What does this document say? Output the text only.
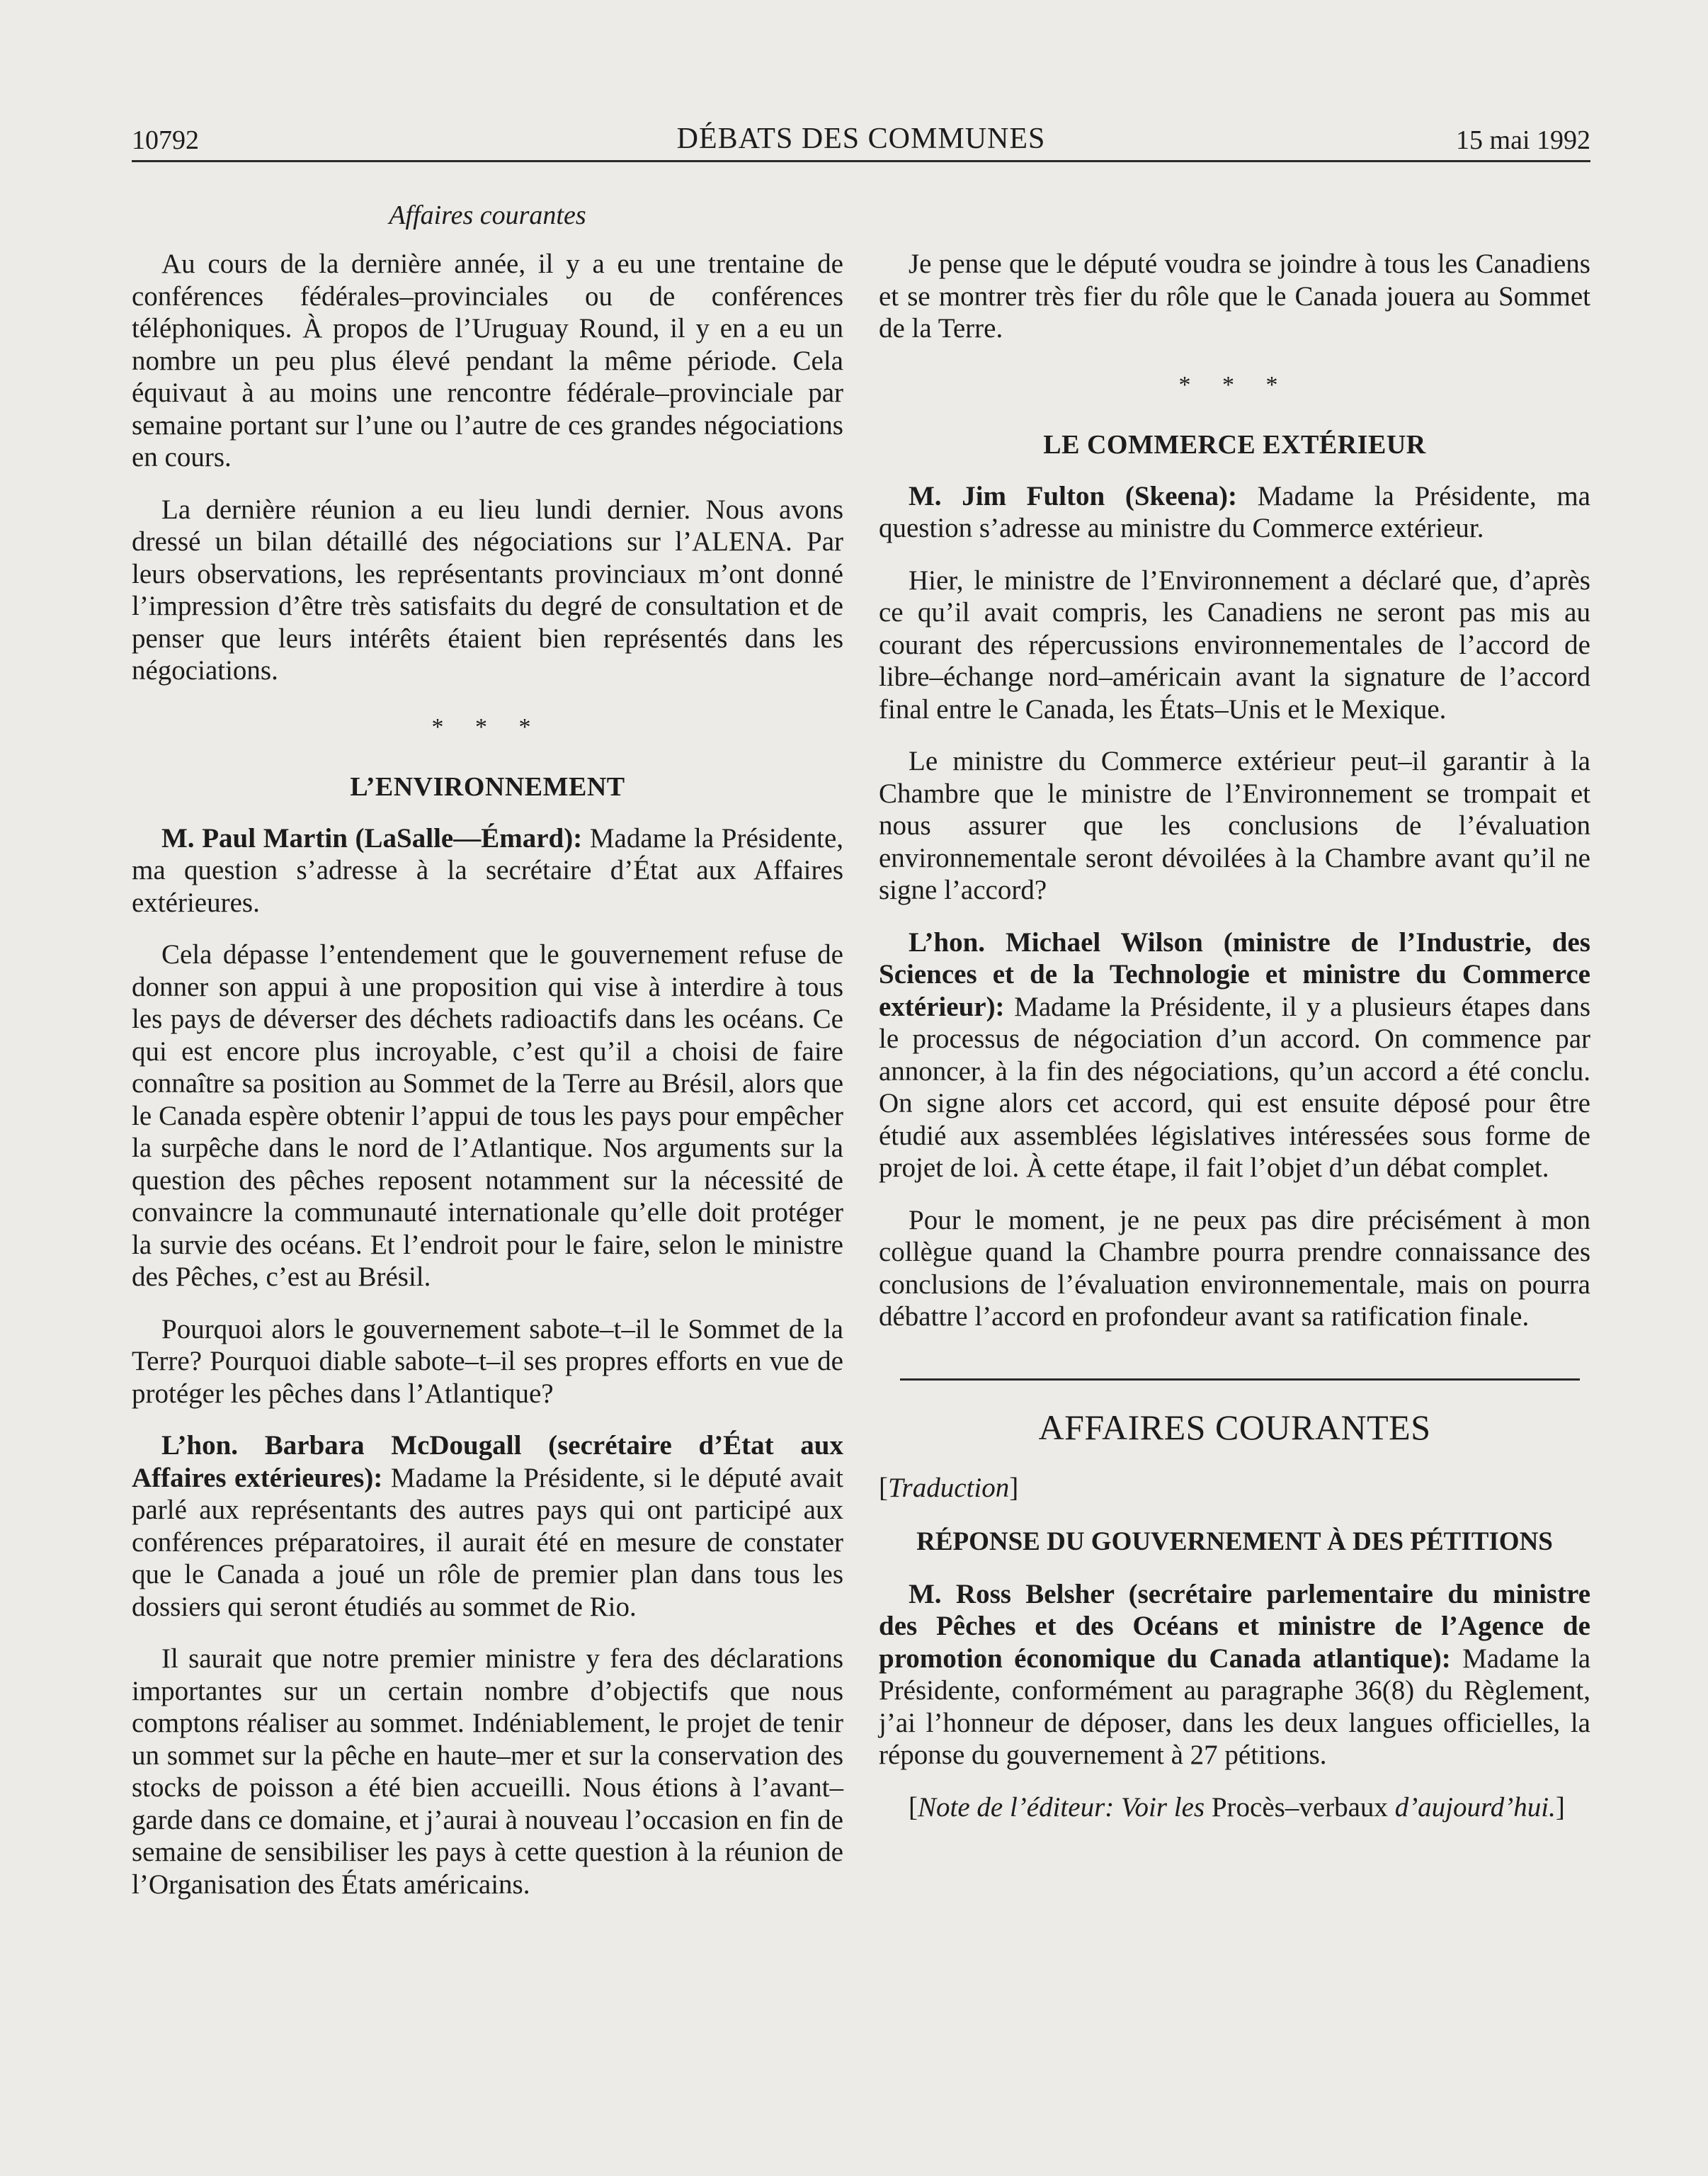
10792	DÉBATS DES COMMUNES	15 mai 1992
Affaires courantes

Au cours de la dernière année, il y a eu une trentaine de conférences fédérales–provinciales ou de conférences téléphoniques. À propos de l’Uruguay Round, il y en a eu un nombre un peu plus élevé pendant la même période. Cela équivaut à au moins une rencontre fédérale–provinciale par semaine portant sur l’une ou l’autre de ces grandes négociations en cours.

La dernière réunion a eu lieu lundi dernier. Nous avons dressé un bilan détaillé des négociations sur l’ALENA. Par leurs observations, les représentants provinciaux m’ont donné l’impression d’être très satisfaits du degré de consultation et de penser que leurs intérêts étaient bien représentés dans les négociations.

* * *
L’ENVIRONNEMENT

M. Paul Martin (LaSalle—Émard): Madame la Présidente, ma question s’adresse à la secrétaire d’État aux Affaires extérieures.

Cela dépasse l’entendement que le gouvernement refuse de donner son appui à une proposition qui vise à interdire à tous les pays de déverser des déchets radioactifs dans les océans. Ce qui est encore plus incroyable, c’est qu’il a choisi de faire connaître sa position au Sommet de la Terre au Brésil, alors que le Canada espère obtenir l’appui de tous les pays pour empêcher la surpêche dans le nord de l’Atlantique. Nos arguments sur la question des pêches reposent notamment sur la nécessité de convaincre la communauté internationale qu’elle doit protéger la survie des océans. Et l’endroit pour le faire, selon le ministre des Pêches, c’est au Brésil.

Pourquoi alors le gouvernement sabote–t–il le Sommet de la Terre? Pourquoi diable sabote–t–il ses propres efforts en vue de protéger les pêches dans l’Atlantique?

L’hon. Barbara McDougall (secrétaire d’État aux Affaires extérieures): Madame la Présidente, si le député avait parlé aux représentants des autres pays qui ont participé aux conférences préparatoires, il aurait été en mesure de constater que le Canada a joué un rôle de premier plan dans tous les dossiers qui seront étudiés au sommet de Rio.

Il saurait que notre premier ministre y fera des déclarations importantes sur un certain nombre d’objectifs que nous comptons réaliser au sommet. Indéniablement, le projet de tenir un sommet sur la pêche en haute–mer et sur la conservation des stocks de poisson a été bien accueilli. Nous étions à l’avant–garde dans ce domaine, et j’aurai à nouveau l’occasion en fin de semaine de sensibiliser les pays à cette question à la réunion de l’Organisation des États américains.

Je pense que le député voudra se joindre à tous les Canadiens et se montrer très fier du rôle que le Canada jouera au Sommet de la Terre.

* * *
LE COMMERCE EXTÉRIEUR

M. Jim Fulton (Skeena): Madame la Présidente, ma question s’adresse au ministre du Commerce extérieur.

Hier, le ministre de l’Environnement a déclaré que, d’après ce qu’il avait compris, les Canadiens ne seront pas mis au courant des répercussions environnementales de l’accord de libre–échange nord–américain avant la signature de l’accord final entre le Canada, les États–Unis et le Mexique.

Le ministre du Commerce extérieur peut–il garantir à la Chambre que le ministre de l’Environnement se trompait et nous assurer que les conclusions de l’évaluation environnementale seront dévoilées à la Chambre avant qu’il ne signe l’accord?

L’hon. Michael Wilson (ministre de l’Industrie, des Sciences et de la Technologie et ministre du Commerce extérieur): Madame la Présidente, il y a plusieurs étapes dans le processus de négociation d’un accord. On commence par annoncer, à la fin des négociations, qu’un accord a été conclu. On signe alors cet accord, qui est ensuite déposé pour être étudié aux assemblées législatives intéressées sous forme de projet de loi. À cette étape, il fait l’objet d’un débat complet.

Pour le moment, je ne peux pas dire précisément à mon collègue quand la Chambre pourra prendre connaissance des conclusions de l’évaluation environnementale, mais on pourra débattre l’accord en profondeur avant sa ratification finale.

AFFAIRES COURANTES

[Traduction]

RÉPONSE DU GOUVERNEMENT À DES PÉTITIONS

M. Ross Belsher (secrétaire parlementaire du ministre des Pêches et des Océans et ministre de l’Agence de promotion économique du Canada atlantique): Madame la Présidente, conformément au paragraphe 36(8) du Règlement, j’ai l’honneur de déposer, dans les deux langues officielles, la réponse du gouvernement à 27 pétitions.

[Note de l’éditeur: Voir les Procès–verbaux d’aujourd’hui.]
